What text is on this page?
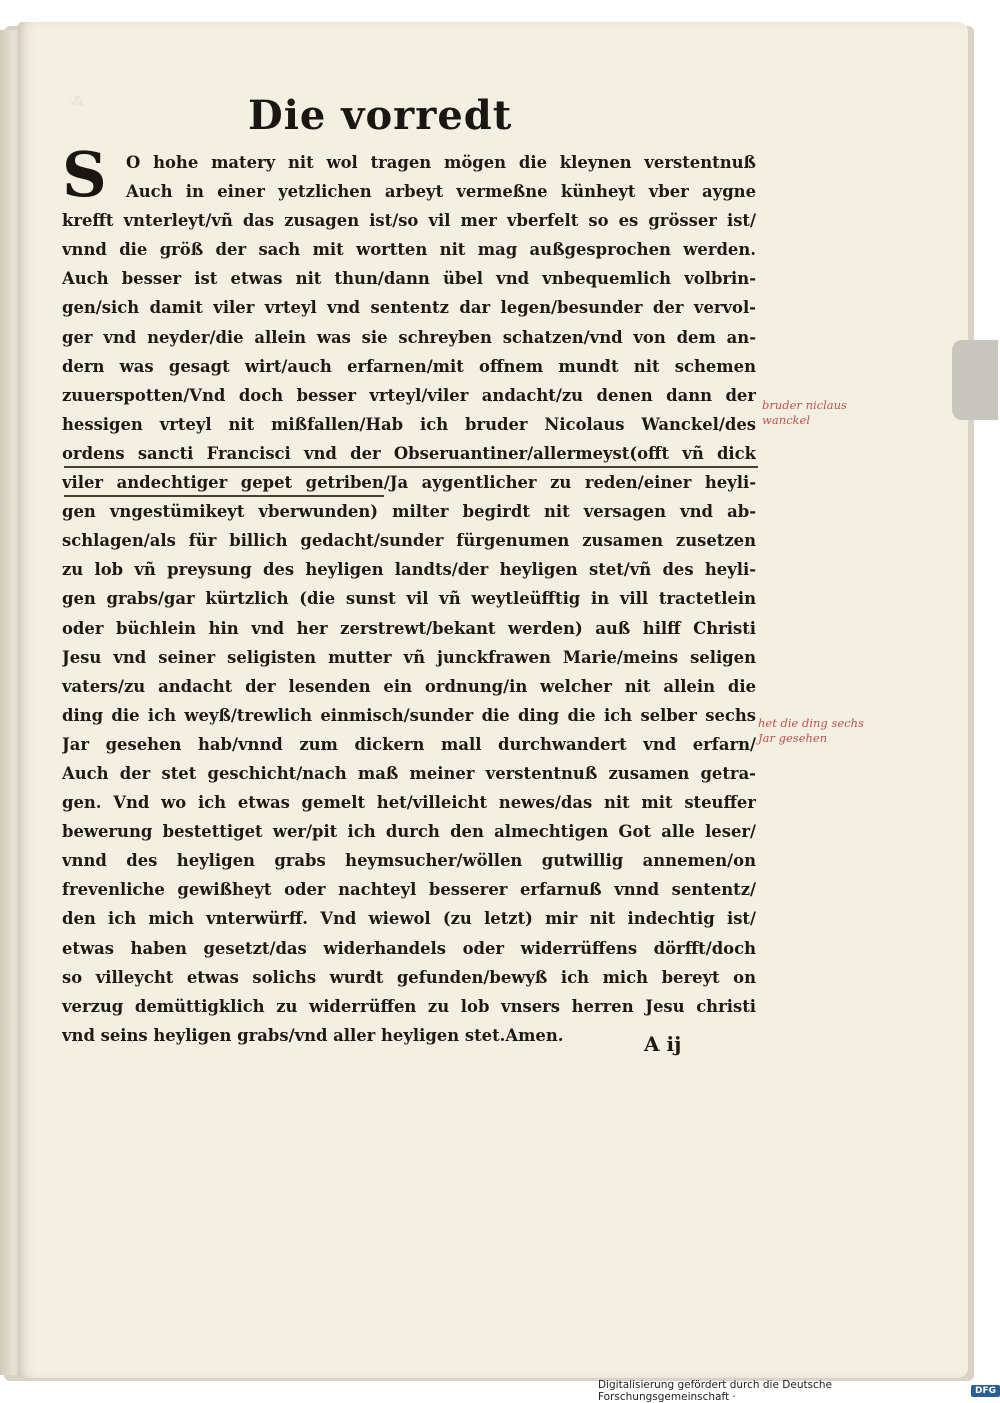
⁂	Die vorredt
S	O hohe matery nit wol tragen mögen die kleynen verstentnuß
Auch in einer yetzlichen arbeyt vermeßne künheyt vber aygne
krefft vnterleyt/vñ das zusagen ist/so vil mer vberfelt so es grösser ist/
vnnd die größ der sach mit wortten nit mag außgesprochen werden.
Auch besser ist etwas nit thun/dann übel vnd vnbequemlich volbrin-
gen/sich damit viler vrteyl vnd sententz dar legen/besunder der vervol-
ger vnd neyder/die allein was sie schreyben schatzen/vnd von dem an-
dern was gesagt wirt/auch erfarnen/mit offnem mundt nit schemen
zuuerspotten/Vnd doch besser vrteyl/viler andacht/zu denen dann der
hessigen vrteyl nit mißfallen/Hab ich bruder Nicolaus Wanckel/des
ordens sancti Francisci vnd der Obseruantiner/allermeyst(offt vñ dick
viler andechtiger gepet getriben/Ja aygentlicher zu reden/einer heyli-
gen vngestümikeyt vberwunden) milter begirdt nit versagen vnd ab-
schlagen/als für billich gedacht/sunder fürgenumen zusamen zusetzen
zu lob vñ preysung des heyligen landts/der heyligen stet/vñ des heyli-
gen grabs/gar kürtzlich (die sunst vil vñ weytleüfftig in vill tractetlein
oder büchlein hin vnd her zerstrewt/bekant werden) auß hilff Christi
Jesu vnd seiner seligisten mutter vñ junckfrawen Marie/meins seligen
vaters/zu andacht der lesenden ein ordnung/in welcher nit allein die
ding die ich weyß/trewlich einmisch/sunder die ding die ich selber sechs
Jar gesehen hab/vnnd zum dickern mall durchwandert vnd erfarn/
Auch der stet geschicht/nach maß meiner verstentnuß zusamen getra-
gen. Vnd wo ich etwas gemelt het/villeicht newes/das nit mit steuffer
bewerung bestettiget wer/pit ich durch den almechtigen Got alle leser/
vnnd des heyligen grabs heymsucher/wöllen gutwillig annemen/on
frevenliche gewißheyt oder nachteyl besserer erfarnuß vnnd sententz/
den ich mich vnterwürff. Vnd wiewol (zu letzt) mir nit indechtig ist/
etwas haben gesetzt/das widerhandels oder widerrüffens dörfft/doch
so villeycht etwas solichs wurdt gefunden/bewyß ich mich bereyt on
verzug demüttigklich zu widerrüffen zu lob vnsers herren Jesu christi
vnd seins heyligen grabs/vnd aller heyligen stet.Amen.
bruder niclaus wanckel
het die ding sechs Jar gesehen
A ij
Digitalisierung gefördert durch die Deutsche Forschungsgemeinschaft ·	DFG
